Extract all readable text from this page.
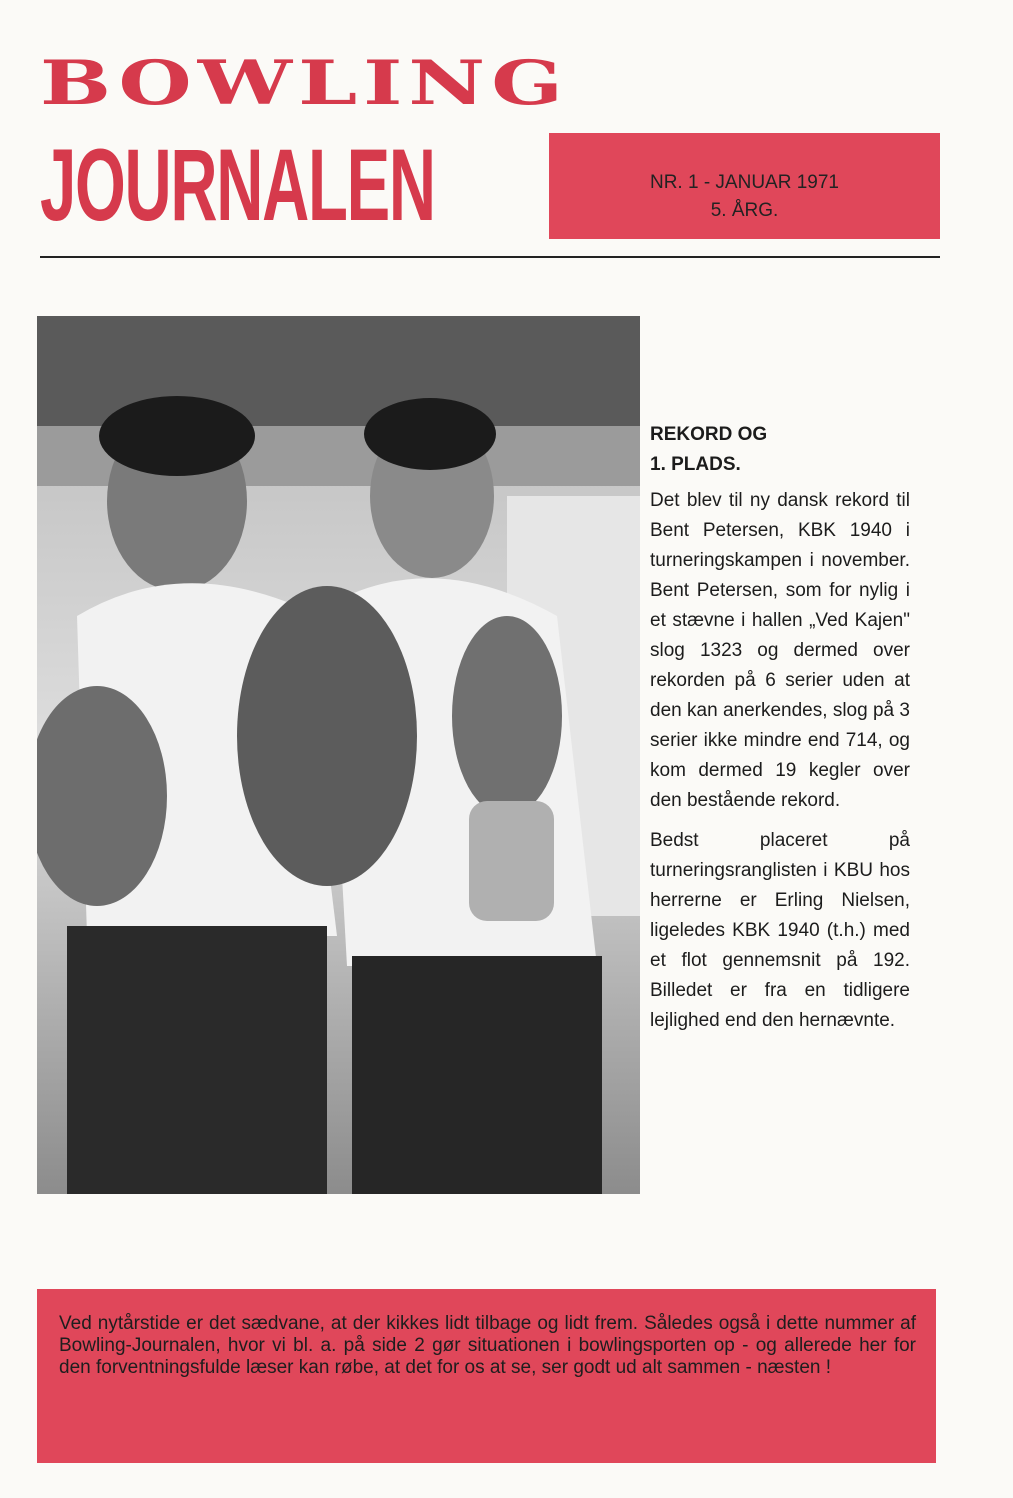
BOWLING
JOURNALEN	NR. 1 - JANUAR 1971
5. ÅRG.
REKORD OG
1. PLADS.

Det blev til ny dansk rekord til Bent Petersen, KBK 1940 i turneringskampen i november. Bent Petersen, som for nylig i et stævne i hallen „Ved Kajen" slog 1323 og dermed over rekorden på 6 serier uden at den kan anerkendes, slog på 3 serier ikke mindre end 714, og kom dermed 19 kegler over den bestående rekord.

Bedst placeret på turneringsranglisten i KBU hos herrerne er Erling Nielsen, ligeledes KBK 1940 (t.h.) med et flot gennemsnit på 192. Billedet er fra en tidligere lejlighed end den hernævnte.

Ved nytårstide er det sædvane, at der kikkes lidt tilbage og lidt frem. Således også i dette nummer af Bowling-Journalen, hvor vi bl. a. på side 2 gør situationen i bowlingsporten op - og allerede her for den forventningsfulde læser kan røbe, at det for os at se, ser godt ud alt sammen - næsten !
